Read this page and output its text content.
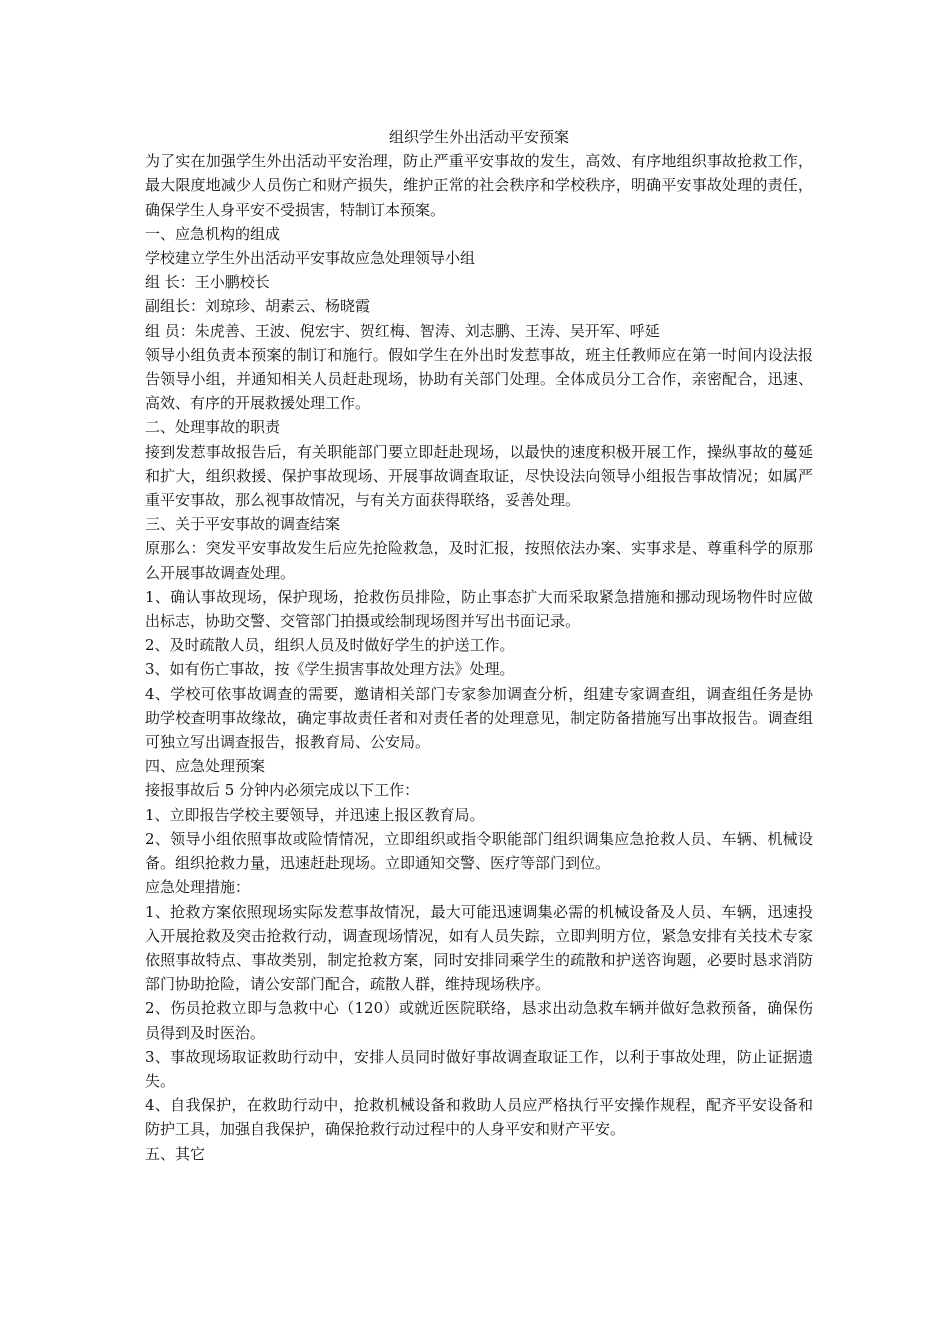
组织学生外出活动平安预案
为了实在加强学生外出活动平安治理，防止严重平安事故的发生，高效、有序地组织事故抢救工作，最大限度地减少人员伤亡和财产损失，维护正常的社会秩序和学校秩序，明确平安事故处理的责任，确保学生人身平安不受损害，特制订本预案。
一、应急机构的组成
学校建立学生外出活动平安事故应急处理领导小组
组 长：王小鹏校长
副组长：刘琼珍、胡素云、杨晓霞
组 员：朱虎善、王波、倪宏宇、贺红梅、智涛、刘志鹏、王涛、吴开军、呼延
领导小组负责本预案的制订和施行。假如学生在外出时发惹事故，班主任教师应在第一时间内设法报告领导小组，并通知相关人员赶赴现场，协助有关部门处理。全体成员分工合作，亲密配合，迅速、高效、有序的开展救援处理工作。
二、处理事故的职责
接到发惹事故报告后，有关职能部门要立即赶赴现场，以最快的速度积极开展工作，操纵事故的蔓延和扩大，组织救援、保护事故现场、开展事故调查取证，尽快设法向领导小组报告事故情况；如属严重平安事故，那么视事故情况，与有关方面获得联络，妥善处理。
三、关于平安事故的调查结案
原那么：突发平安事故发生后应先抢险救急，及时汇报，按照依法办案、实事求是、尊重科学的原那么开展事故调查处理。
1、确认事故现场，保护现场，抢救伤员排险，防止事态扩大而采取紧急措施和挪动现场物件时应做出标志，协助交警、交管部门拍摄或绘制现场图并写出书面记录。
2、及时疏散人员，组织人员及时做好学生的护送工作。
3、如有伤亡事故，按《学生损害事故处理方法》处理。
4、学校可依事故调查的需要，邀请相关部门专家参加调查分析，组建专家调查组，调查组任务是协助学校查明事故缘故，确定事故责任者和对责任者的处理意见，制定防备措施写出事故报告。调查组可独立写出调查报告，报教育局、公安局。
四、应急处理预案
接报事故后 5 分钟内必须完成以下工作：
1、立即报告学校主要领导，并迅速上报区教育局。
2、领导小组依照事故或险情情况，立即组织或指令职能部门组织调集应急抢救人员、车辆、机械设备。组织抢救力量，迅速赶赴现场。立即通知交警、医疗等部门到位。
应急处理措施：
1、抢救方案依照现场实际发惹事故情况，最大可能迅速调集必需的机械设备及人员、车辆，迅速投入开展抢救及突击抢救行动，调查现场情况，如有人员失踪，立即判明方位，紧急安排有关技术专家依照事故特点、事故类别，制定抢救方案，同时安排同乘学生的疏散和护送咨询题，必要时恳求消防部门协助抢险，请公安部门配合，疏散人群，维持现场秩序。
2、伤员抢救立即与急救中心（120）或就近医院联络，恳求出动急救车辆并做好急救预备，确保伤员得到及时医治。
3、事故现场取证救助行动中，安排人员同时做好事故调查取证工作，以利于事故处理，防止证据遗失。
4、自我保护，在救助行动中，抢救机械设备和救助人员应严格执行平安操作规程，配齐平安设备和防护工具，加强自我保护，确保抢救行动过程中的人身平安和财产平安。
五、其它
